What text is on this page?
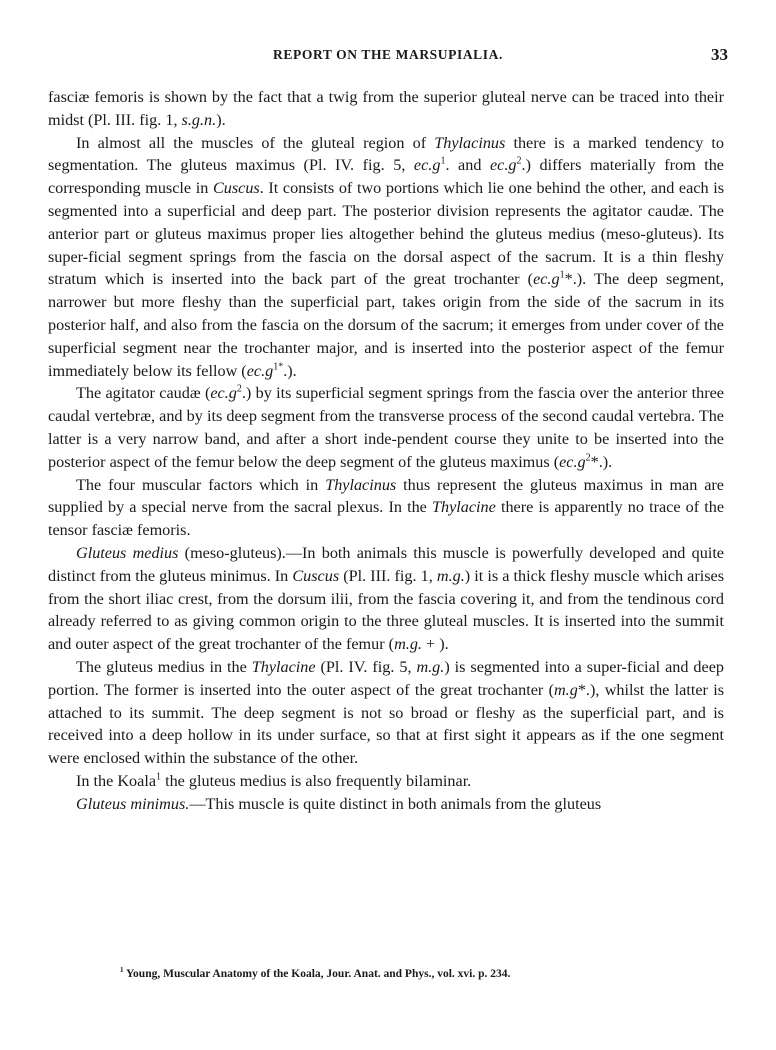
REPORT ON THE MARSUPIALIA.	33

fasciæ femoris is shown by the fact that a twig from the superior gluteal nerve can be traced into their midst (Pl. III. fig. 1, s.g.n.).

In almost all the muscles of the gluteal region of Thylacinus there is a marked tendency to segmentation. The gluteus maximus (Pl. IV. fig. 5, $ec.g^1$. and $ec.g^2$.) differs materially from the corresponding muscle in Cuscus. It consists of two portions which lie one behind the other, and each is segmented into a superficial and deep part. The posterior division represents the agitator caudæ. The anterior part or gluteus maximus proper lies altogether behind the gluteus medius (meso-gluteus). Its super-ficial segment springs from the fascia on the dorsal aspect of the sacrum. It is a thin fleshy stratum which is inserted into the back part of the great trochanter $(ec.g^1*.)$. The deep segment, narrower but more fleshy than the superficial part, takes origin from the side of the sacrum in its posterior half, and also from the fascia on the dorsum of the sacrum; it emerges from under cover of the superficial segment near the trochanter major, and is inserted into the posterior aspect of the femur immediately below its fellow $(ec.g^{1*}.)$.

The agitator caudæ $(ec.g^2.)$ by its superficial segment springs from the fascia over the anterior three caudal vertebræ, and by its deep segment from the transverse process of the second caudal vertebra. The latter is a very narrow band, and after a short inde-pendent course they unite to be inserted into the posterior aspect of the femur below the deep segment of the gluteus maximus $(ec.g^2*.)$.

The four muscular factors which in Thylacinus thus represent the gluteus maximus in man are supplied by a special nerve from the sacral plexus. In the Thylacine there is apparently no trace of the tensor fasciæ femoris.

Gluteus medius (meso-gluteus).—In both animals this muscle is powerfully developed and quite distinct from the gluteus minimus. In Cuscus (Pl. III. fig. 1, m.g.) it is a thick fleshy muscle which arises from the short iliac crest, from the dorsum ilii, from the fascia covering it, and from the tendinous cord already referred to as giving common origin to the three gluteal muscles. It is inserted into the summit and outer aspect of the great trochanter of the femur (m.g. + ).

The gluteus medius in the Thylacine (Pl. IV. fig. 5, m.g.) is segmented into a super-ficial and deep portion. The former is inserted into the outer aspect of the great trochanter (m.g*.), whilst the latter is attached to its summit. The deep segment is not so broad or fleshy as the superficial part, and is received into a deep hollow in its under surface, so that at first sight it appears as if the one segment were enclosed within the substance of the other.

In the Koala$^1$ the gluteus medius is also frequently bilaminar.

Gluteus minimus.—This muscle is quite distinct in both animals from the gluteus

$^1$ Young, Muscular Anatomy of the Koala, Jour. Anat. and Phys., vol. xvi. p. 234.
